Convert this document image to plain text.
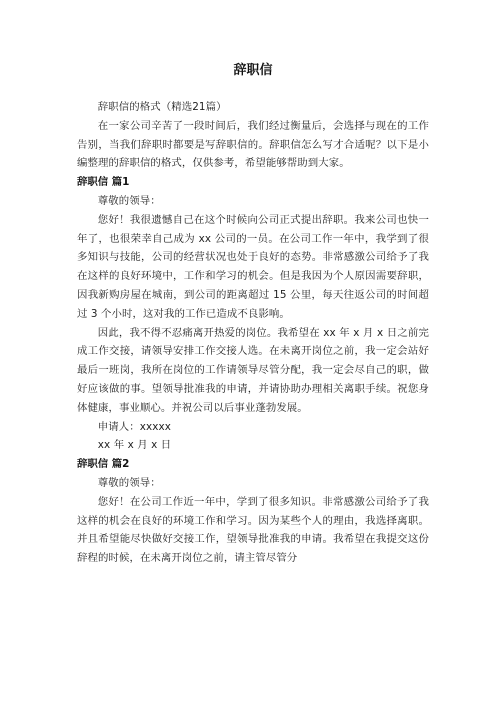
辞职信

辞职信的格式（精选21篇）

在一家公司辛苦了一段时间后，我们经过衡量后，会选择与现在的工作告别，当我们辞职时都要是写辞职信的。辞职信怎么写才合适呢？以下是小编整理的辞职信的格式，仅供参考，希望能够帮助到大家。

辞职信 篇1

尊敬的领导：

您好！我很遗憾自己在这个时候向公司正式提出辞职。我来公司也快一年了，也很荣幸自己成为 xx 公司的一员。在公司工作一年中，我学到了很多知识与技能，公司的经营状况也处于良好的态势。非常感激公司给予了我在这样的良好环境中，工作和学习的机会。但是我因为个人原因需要辞职，因我新购房屋在城南，到公司的距离超过 15 公里，每天往返公司的时间超过 3 个小时，这对我的工作已造成不良影响。

因此，我不得不忍痛离开热爱的岗位。我希望在 xx 年 x 月 x 日之前完成工作交接，请领导安排工作交接人选。在未离开岗位之前，我一定会站好最后一班岗，我所在岗位的工作请领导尽管分配，我一定会尽自己的职，做好应该做的事。望领导批准我的申请，并请协助办理相关离职手续。祝您身体健康，事业顺心。并祝公司以后事业蓬勃发展。

申请人：xxxxx

xx 年 x 月 x 日

辞职信 篇2

尊敬的领导：

您好！在公司工作近一年中，学到了很多知识。非常感激公司给予了我这样的机会在良好的环境工作和学习。因为某些个人的理由，我选择离职。并且希望能尽快做好交接工作，望领导批准我的申请。我希望在我提交这份辞程的时候，在未离开岗位之前，请主管尽管分
